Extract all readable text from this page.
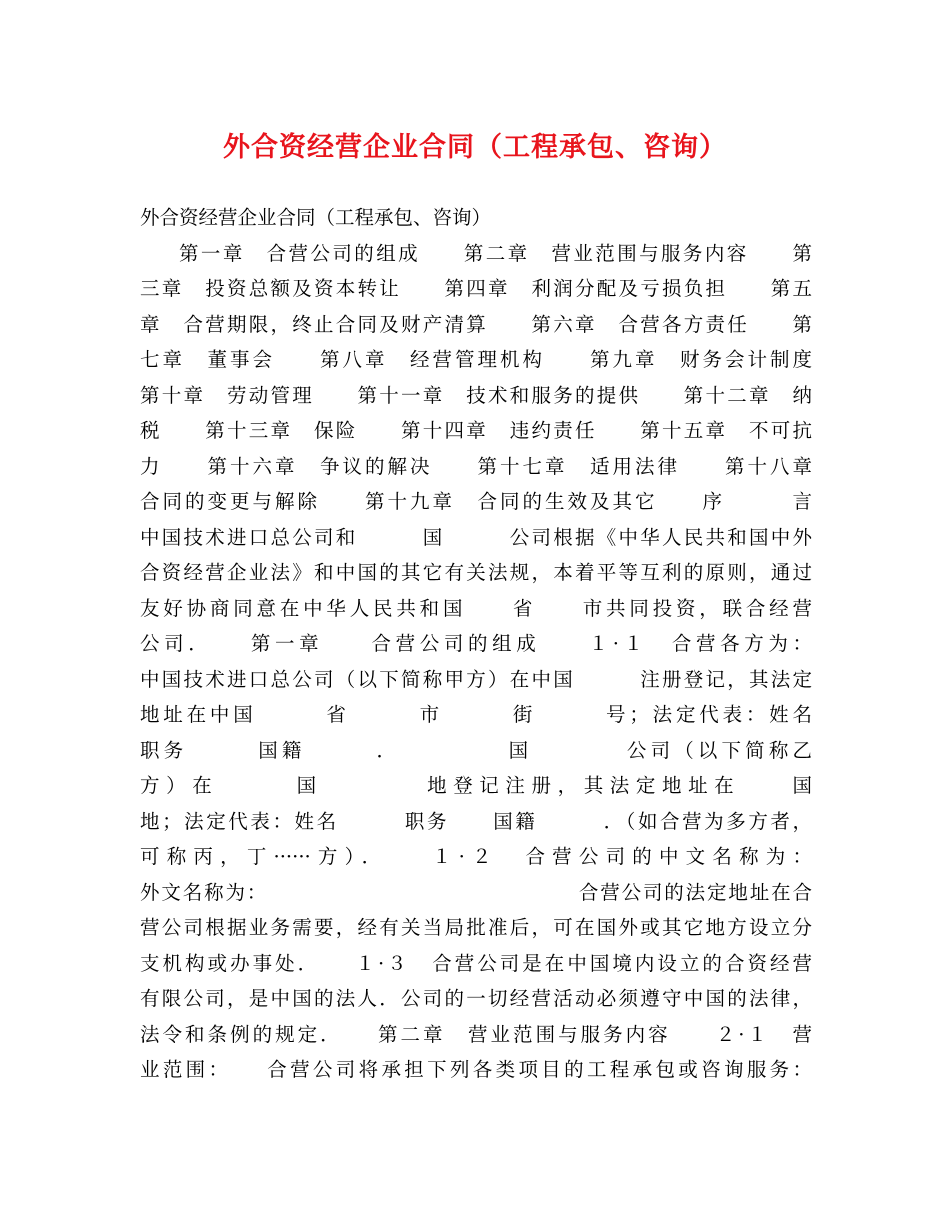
外合资经营企业合同（工程承包、咨询）
外合资经营企业合同（工程承包、咨询）
第一章　合营公司的组成　　第二章　营业范围与服务内容　　第
三章　投资总额及资本转让　　第四章　利润分配及亏损负担　　第五
章　合营期限，终止合同及财产清算　　第六章　合营各方责任　　第
七章　董事会　　第八章　经营管理机构　　第九章　财务会计制度
第十章　劳动管理　　第十一章　技术和服务的提供　　第十二章　纳
税　　第十三章　保险　　第十四章　违约责任　　第十五章　不可抗
力　　第十六章　争议的解决　　第十七章　适用法律　　第十八章
合同的变更与解除　　第十九章　合同的生效及其它　　序　　　言
中国技术进口总公司和　　　国　　　公司根据《中华人民共和国中外
合资经营企业法》和中国的其它有关法规，本着平等互利的原则，通过
友好协商同意在中华人民共和国　　省　　市共同投资，联合经营
公司．　　第一章　　合营公司的组成　　１·１　合营各方为：
中国技术进口总公司（以下简称甲方）在中国　　　注册登记，其法定
地址在中国　　　省　　　市　　　街　　　号；法定代表：姓名
职务　　　国籍　　　．　　　　　国　　　　公司（以下简称乙
方）在　　　国　　　　地登记注册，其法定地址在　　国
地；法定代表：姓名　　　职务　　国籍　　　．（如合营为多方者，
可称丙，丁······方）．　　１·２　合营公司的中文名称为：
外文名称为：　　　　　　　　　　　　　　　合营公司的法定地址在合
营公司根据业务需要，经有关当局批准后，可在国外或其它地方设立分
支机构或办事处．　　１·３　合营公司是在中国境内设立的合资经营
有限公司，是中国的法人．公司的一切经营活动必须遵守中国的法律，
法令和条例的规定．　　第二章　营业范围与服务内容　　２·１　营
业范围：　　合营公司将承担下列各类项目的工程承包或咨询服务：
